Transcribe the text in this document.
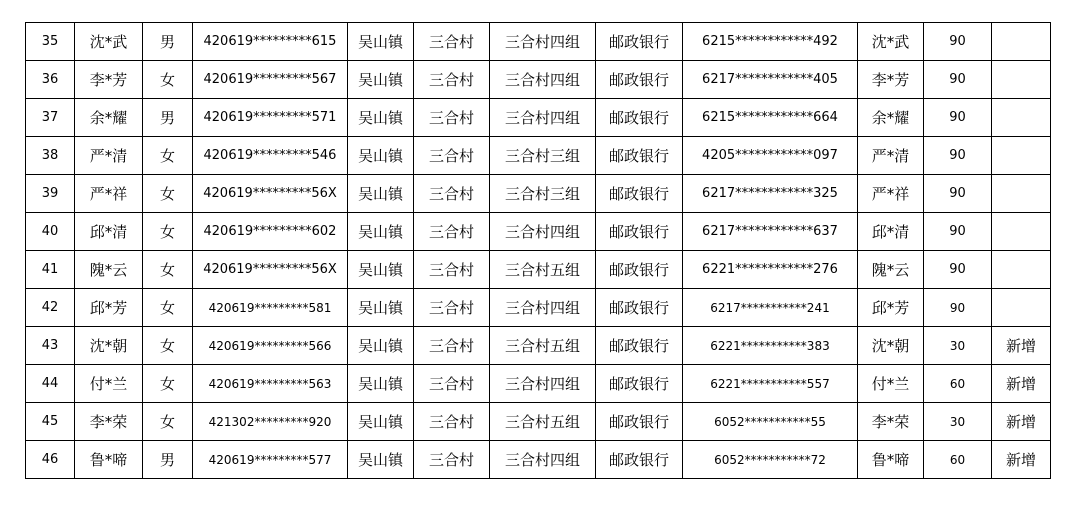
35	沈*武	男	420619*********615	吴山镇	三合村	三合村四组	邮政银行	6215************492	沈*武	90	
36	李*芳	女	420619*********567	吴山镇	三合村	三合村四组	邮政银行	6217************405	李*芳	90	
37	余*耀	男	420619*********571	吴山镇	三合村	三合村四组	邮政银行	6215************664	余*耀	90	
38	严*清	女	420619*********546	吴山镇	三合村	三合村三组	邮政银行	4205************097	严*清	90	
39	严*祥	女	420619*********56X	吴山镇	三合村	三合村三组	邮政银行	6217************325	严*祥	90	
40	邱*清	女	420619*********602	吴山镇	三合村	三合村四组	邮政银行	6217************637	邱*清	90	
41	隗*云	女	420619*********56X	吴山镇	三合村	三合村五组	邮政银行	6221************276	隗*云	90	
42	邱*芳	女	420619*********581	吴山镇	三合村	三合村四组	邮政银行	6217***********241	邱*芳	90	
43	沈*朝	女	420619*********566	吴山镇	三合村	三合村五组	邮政银行	6221***********383	沈*朝	30	新增
44	付*兰	女	420619*********563	吴山镇	三合村	三合村四组	邮政银行	6221***********557	付*兰	60	新增
45	李*荣	女	421302*********920	吴山镇	三合村	三合村五组	邮政银行	6052***********55	李*荣	30	新增
46	鲁*啼	男	420619*********577	吴山镇	三合村	三合村四组	邮政银行	6052***********72	鲁*啼	60	新增
